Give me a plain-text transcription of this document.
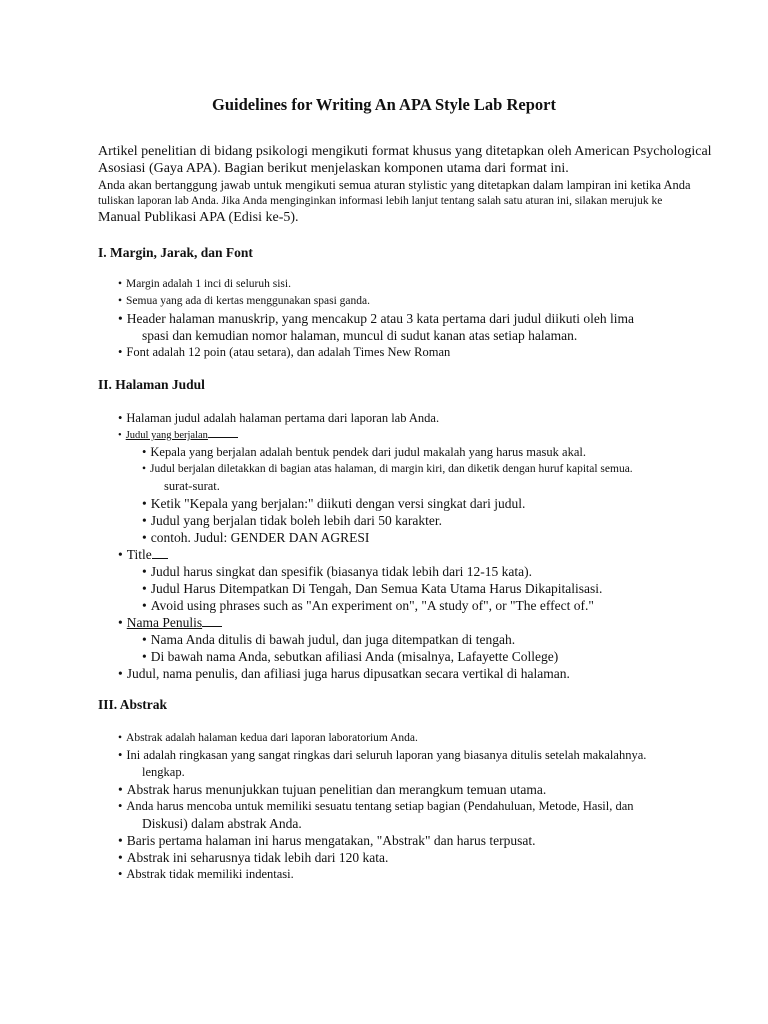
Guidelines for Writing An APA Style Lab Report
Artikel penelitian di bidang psikologi mengikuti format khusus yang ditetapkan oleh American Psychological
Asosiasi (Gaya APA). Bagian berikut menjelaskan komponen utama dari format ini.
Anda akan bertanggung jawab untuk mengikuti semua aturan stylistic yang ditetapkan dalam lampiran ini ketika Anda
tuliskan laporan lab Anda. Jika Anda menginginkan informasi lebih lanjut tentang salah satu aturan ini, silakan merujuk ke
Manual Publikasi APA (Edisi ke-5).
I. Margin, Jarak, dan Font
• Margin adalah 1 inci di seluruh sisi.
• Semua yang ada di kertas menggunakan spasi ganda.
• Header halaman manuskrip, yang mencakup 2 atau 3 kata pertama dari judul diikuti oleh lima
spasi dan kemudian nomor halaman, muncul di sudut kanan atas setiap halaman.
• Font adalah 12 poin (atau setara), dan adalah Times New Roman
II. Halaman Judul
• Halaman judul adalah halaman pertama dari laporan lab Anda.
• Judul yang berjalan
• Kepala yang berjalan adalah bentuk pendek dari judul makalah yang harus masuk akal.
• Judul berjalan diletakkan di bagian atas halaman, di margin kiri, dan diketik dengan huruf kapital semua.
surat-surat.
• Ketik "Kepala yang berjalan:" diikuti dengan versi singkat dari judul.
• Judul yang berjalan tidak boleh lebih dari 50 karakter.
• contoh. Judul: GENDER DAN AGRESI
• Title
• Judul harus singkat dan spesifik (biasanya tidak lebih dari 12-15 kata).
• Judul Harus Ditempatkan Di Tengah, Dan Semua Kata Utama Harus Dikapitalisasi.
• Avoid using phrases such as "An experiment on", "A study of", or "The effect of."
• Nama Penulis
• Nama Anda ditulis di bawah judul, dan juga ditempatkan di tengah.
• Di bawah nama Anda, sebutkan afiliasi Anda (misalnya, Lafayette College)
• Judul, nama penulis, dan afiliasi juga harus dipusatkan secara vertikal di halaman.
III. Abstrak
• Abstrak adalah halaman kedua dari laporan laboratorium Anda.
• Ini adalah ringkasan yang sangat ringkas dari seluruh laporan yang biasanya ditulis setelah makalahnya.
lengkap.
• Abstrak harus menunjukkan tujuan penelitian dan merangkum temuan utama.
• Anda harus mencoba untuk memiliki sesuatu tentang setiap bagian (Pendahuluan, Metode, Hasil, dan
Diskusi) dalam abstrak Anda.
• Baris pertama halaman ini harus mengatakan, "Abstrak" dan harus terpusat.
• Abstrak ini seharusnya tidak lebih dari 120 kata.
• Abstrak tidak memiliki indentasi.
